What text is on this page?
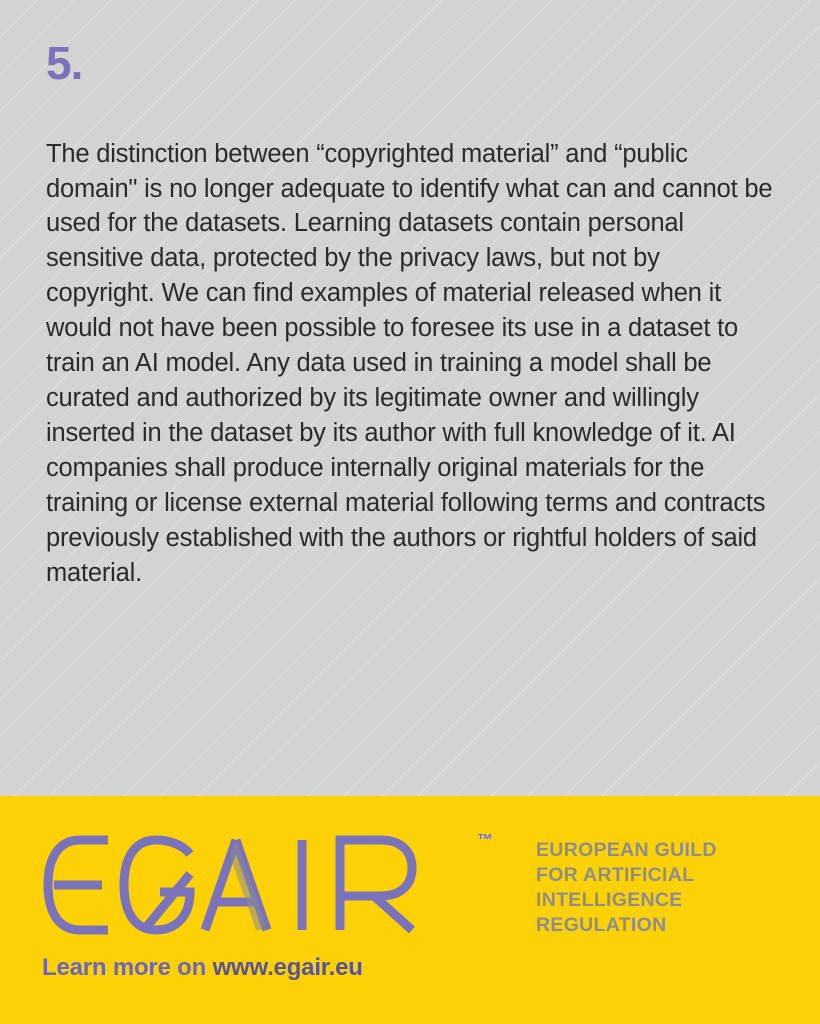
5.

The distinction between “copyrighted material” and “public domain" is no longer adequate to identify what can and cannot be used for the datasets. Learning datasets contain personal sensitive data, protected by the privacy laws, but not by copyright. We can find examples of material released when it would not have been possible to foresee its use in a dataset to train an AI model. Any data used in training a model shall be curated and authorized by its legitimate owner and willingly inserted in the dataset by its author with full knowledge of it. AI companies shall produce internally original materials for the training or license external material following terms and contracts previously established with the authors or rightful holders of said material.

™ EUROPEAN GUILD
FOR ARTIFICIAL
INTELLIGENCE
REGULATION
Learn more on www.egair.eu
